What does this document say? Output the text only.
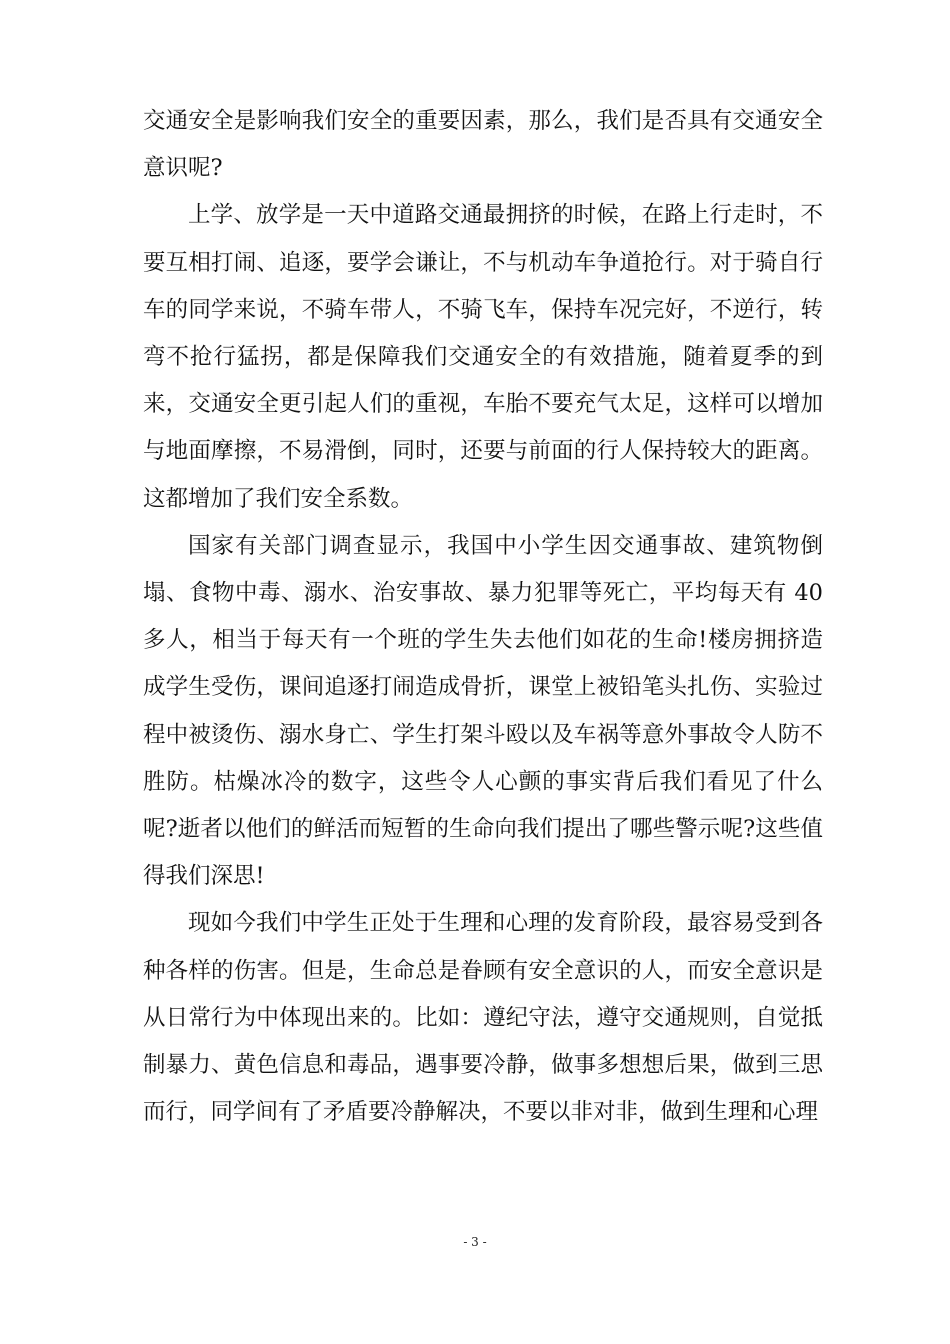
交通安全是影响我们安全的重要因素，那么，我们是否具有交通安全意识呢?

上学、放学是一天中道路交通最拥挤的时候，在路上行走时，不要互相打闹、追逐，要学会谦让，不与机动车争道抢行。对于骑自行车的同学来说，不骑车带人，不骑飞车，保持车况完好，不逆行，转弯不抢行猛拐，都是保障我们交通安全的有效措施，随着夏季的到来，交通安全更引起人们的重视，车胎不要充气太足，这样可以增加与地面摩擦，不易滑倒，同时，还要与前面的行人保持较大的距离。这都增加了我们安全系数。

国家有关部门调查显示，我国中小学生因交通事故、建筑物倒塌、食物中毒、溺水、治安事故、暴力犯罪等死亡，平均每天有 40 多人，相当于每天有一个班的学生失去他们如花的生命!楼房拥挤造成学生受伤，课间追逐打闹造成骨折，课堂上被铅笔头扎伤、实验过程中被烫伤、溺水身亡、学生打架斗殴以及车祸等意外事故令人防不胜防。枯燥冰冷的数字，这些令人心颤的事实背后我们看见了什么呢?逝者以他们的鲜活而短暂的生命向我们提出了哪些警示呢?这些值得我们深思!

现如今我们中学生正处于生理和心理的发育阶段，最容易受到各种各样的伤害。但是，生命总是眷顾有安全意识的人，而安全意识是从日常行为中体现出来的。比如：遵纪守法，遵守交通规则，自觉抵制暴力、黄色信息和毒品，遇事要冷静，做事多想想后果，做到三思而行，同学间有了矛盾要冷静解决，不要以非对非，做到生理和心理

- 3 -
